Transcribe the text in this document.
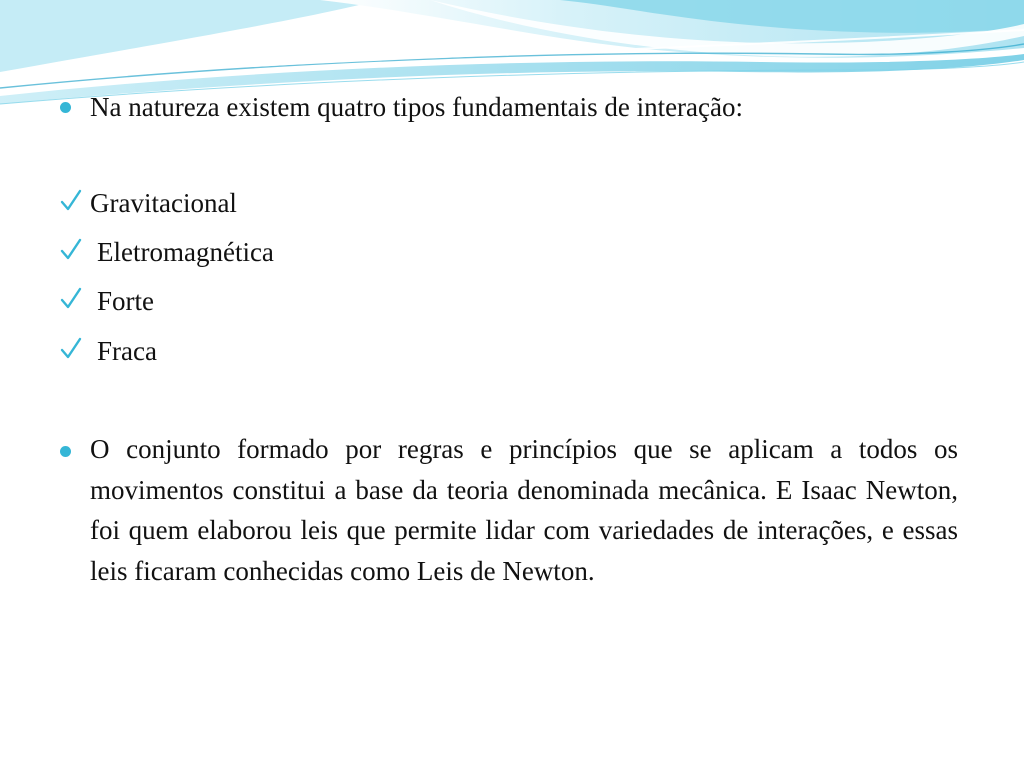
Na natureza existem quatro tipos fundamentais de interação:
Gravitacional
Eletromagnética
Forte
Fraca

O conjunto formado por regras e princípios que se aplicam a todos os movimentos constitui a base da teoria denominada mecânica. E Isaac Newton, foi quem elaborou leis que permite lidar com variedades de interações, e essas leis ficaram conhecidas como Leis de Newton.
